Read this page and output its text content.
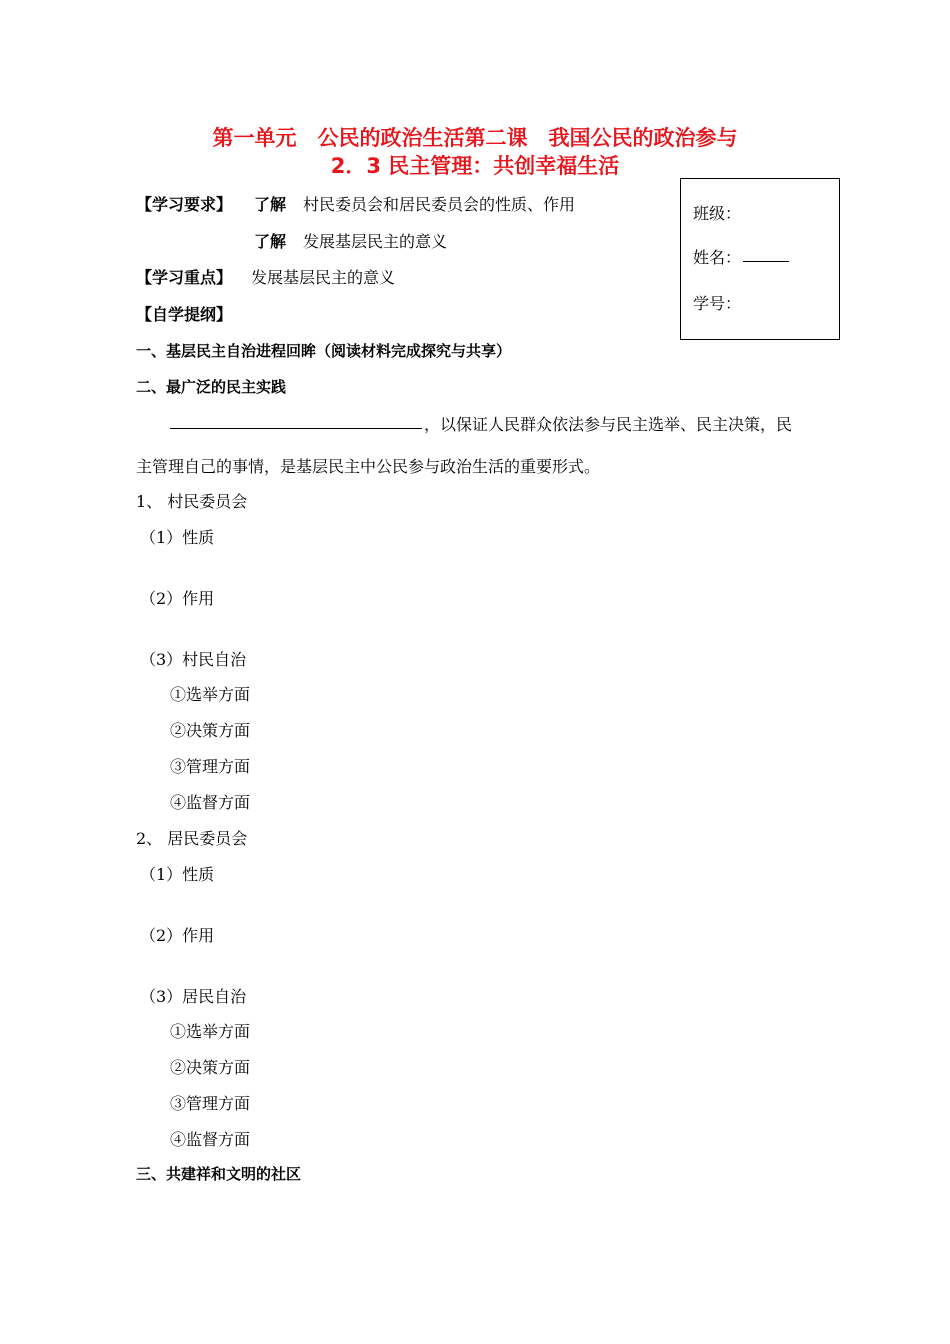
第一单元　公民的政治生活第二课　我国公民的政治参与
2．3 民主管理：共创幸福生活
班级：
姓名：
学号：
【学习要求】 了解 村民委员会和居民委员会的性质、作用
了解 发展基层民主的意义
【学习重点】 发展基层民主的意义
【自学提纲】
一、基层民主自治进程回眸（阅读材料完成探究与共享）
二、最广泛的民主实践
，以保证人民群众依法参与民主选举、民主决策，民
主管理自己的事情，是基层民主中公民参与政治生活的重要形式。
1、 村民委员会
（1）性质
（2）作用
（3）村民自治
①选举方面
②决策方面
③管理方面
④监督方面
2、 居民委员会
（1）性质
（2）作用
（3）居民自治
①选举方面
②决策方面
③管理方面
④监督方面
三、共建祥和文明的社区
